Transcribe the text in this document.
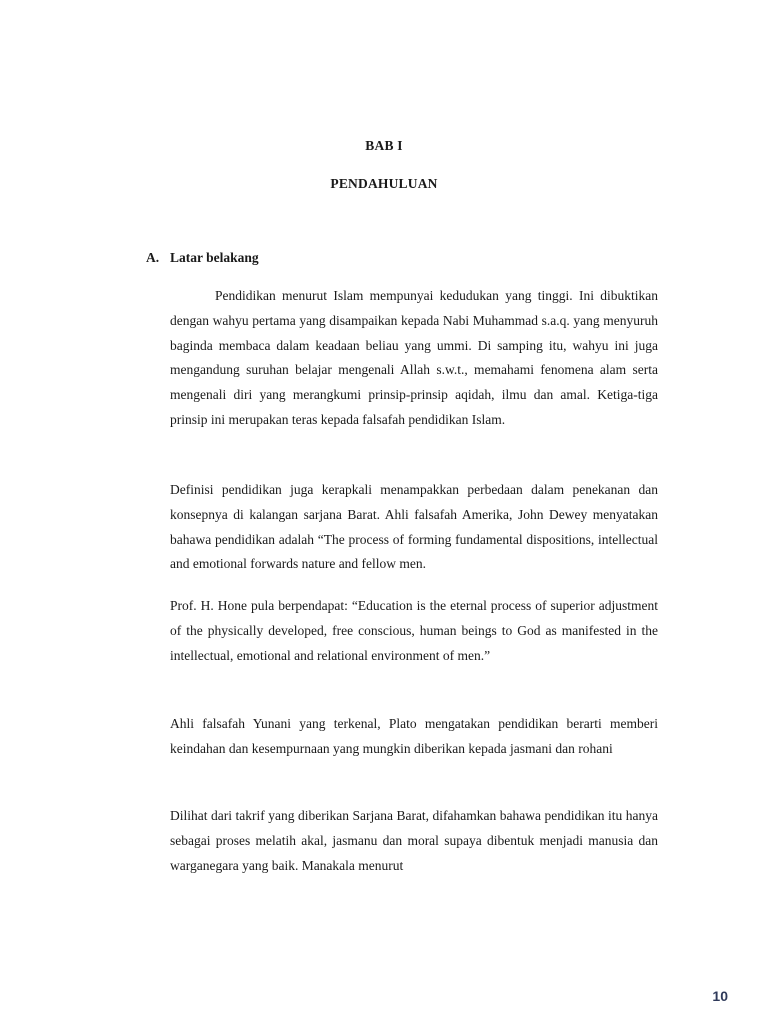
BAB I
PENDAHULUAN
A. Latar belakang

Pendidikan menurut Islam mempunyai kedudukan yang tinggi. Ini dibuktikan dengan wahyu pertama yang disampaikan kepada Nabi Muhammad s.a.q. yang menyuruh baginda membaca dalam keadaan beliau yang ummi. Di samping itu, wahyu ini juga mengandung suruhan belajar mengenali Allah s.w.t., memahami fenomena alam serta mengenali diri yang merangkumi prinsip-prinsip aqidah, ilmu dan amal. Ketiga-tiga prinsip ini merupakan teras kepada falsafah pendidikan Islam.

Definisi pendidikan juga kerapkali menampakkan perbedaan dalam penekanan dan konsepnya di kalangan sarjana Barat. Ahli falsafah Amerika, John Dewey menyatakan bahawa pendidikan adalah “The process of forming fundamental dispositions, intellectual and emotional forwards nature and fellow men.

Prof. H. Hone pula berpendapat: “Education is the eternal process of superior adjustment of the physically developed, free conscious, human beings to God as manifested in the intellectual, emotional and relational environment of men.”

Ahli falsafah Yunani yang terkenal, Plato mengatakan pendidikan berarti memberi keindahan dan kesempurnaan yang mungkin diberikan kepada jasmani dan rohani

Dilihat dari takrif yang diberikan Sarjana Barat, difahamkan bahawa pendidikan itu hanya sebagai proses melatih akal, jasmanu dan moral supaya dibentuk menjadi manusia dan warganegara yang baik. Manakala menurut

10
